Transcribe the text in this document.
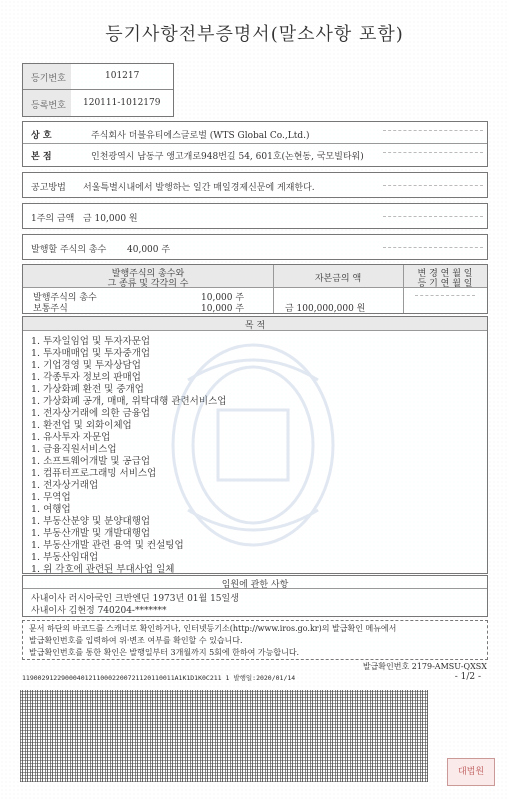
등기사항전부증명서(말소사항 포함)
등기번호	101217
등록번호 120111-1012179
상 호	주식회사 더블유티에스글로벌 (WTS Global Co.,Ltd.)
본 점	인천광역시 남동구 앵고개로948번길 54, 601호(논현동, 국모빌타워)
공고방법 서울특별시내에서 발행하는 일간 매일경제신문에 게재한다.
1주의 금액 금 10,000 원
발행할 주식의 총수 40,000 주
발행주식의 총수와
그 종류 및 각각의 수	자본금의 액	변 경 연 월 일
등 기 연 월 일
발행주식의 총수	10,000 주
보통주식	10,000 주	금 100,000,000 원
목 적
1. 투자일임업 및 투자자문업
1. 투자매매업 및 투자중개업
1. 기업경영 및 투자상담업
1. 각종투자 정보의 판매업
1. 가상화폐 환전 및 중개업
1. 가상화폐 공개, 매매, 위탁대행 관련서비스업
1. 전자상거래에 의한 금융업
1. 환전업 및 외화이체업
1. 유사투자 자문업
1. 금융직원서비스업
1. 소프트웨어개발 및 공급업
1. 컴퓨터프로그래밍 서비스업
1. 전자상거래업
1. 무역업
1. 여행업
1. 부동산분양 및 분양대행업
1. 부동산개발 및 개발대행업
1. 부동산개발 관련 용역 및 컨설팅업
1. 부동산임대업
1. 위 각호에 관련된 부대사업 일체
임원에 관한 사항
사내이사 러시아국인 크반엔딘 1973년 01월 15일생
사내이사 김현정 740204-*******
문서 하단의 바코드를 스캐너로 확인하거나, 인터넷등기소(http://www.iros.go.kr)의 발급확인 메뉴에서
발급확인번호를 입력하여 위·변조 여부를 확인할 수 있습니다.
발급확인번호를 통한 확인은 발행일부터 3개월까지 5회에 한하여 가능합니다.
발급확인번호 2179-AMSU-QXSX
119002912290004012110002200721120110011A1K1D1K0C211 1 발행일:2020/01/14	- 1/2 -
대법원
